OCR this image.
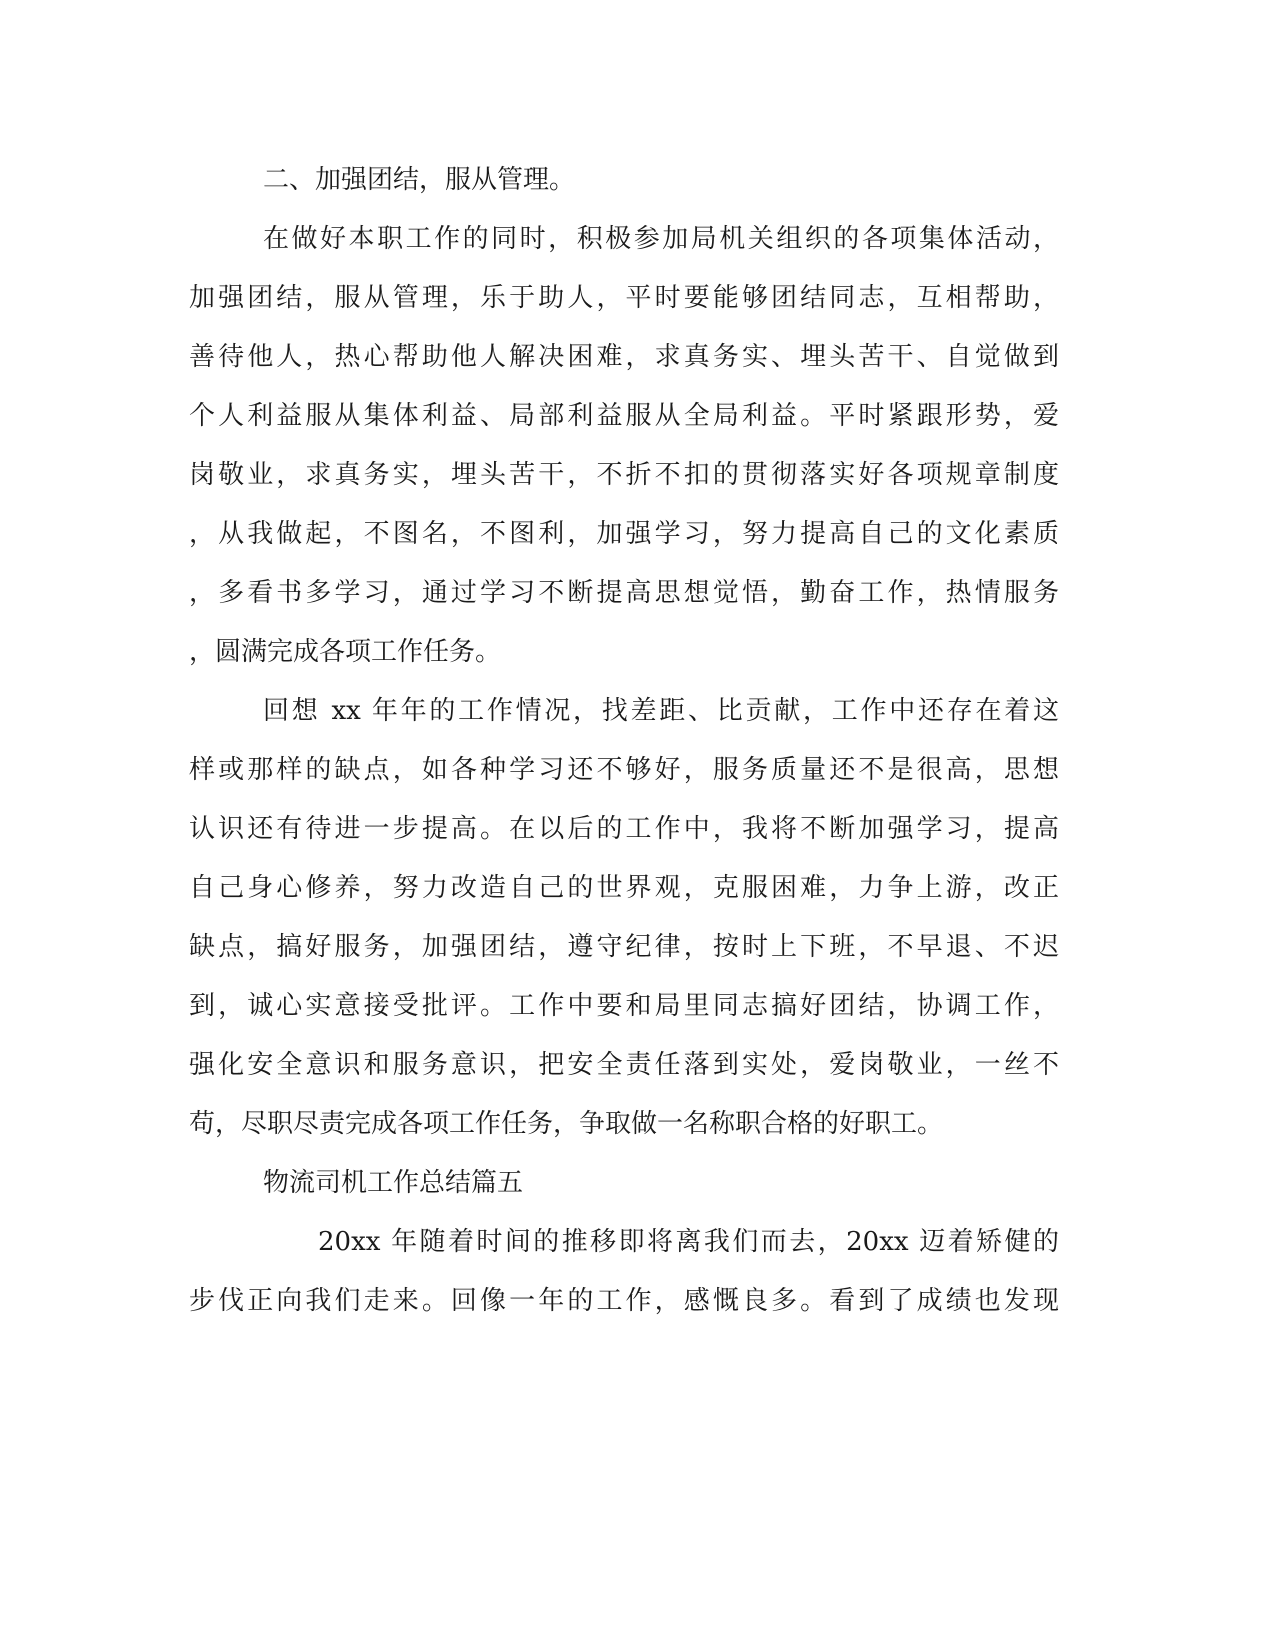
二、加强团结，服从管理。
在做好本职工作的同时，积极参加局机关组织的各项集体活动，
加强团结，服从管理，乐于助人，平时要能够团结同志，互相帮助，
善待他人，热心帮助他人解决困难，求真务实、埋头苦干、自觉做到
个人利益服从集体利益、局部利益服从全局利益。平时紧跟形势，爱
岗敬业，求真务实，埋头苦干，不折不扣的贯彻落实好各项规章制度
，从我做起，不图名，不图利，加强学习，努力提高自己的文化素质
，多看书多学习，通过学习不断提高思想觉悟，勤奋工作，热情服务
，圆满完成各项工作任务。
回想 xx 年年的工作情况，找差距、比贡献，工作中还存在着这
样或那样的缺点，如各种学习还不够好，服务质量还不是很高，思想
认识还有待进一步提高。在以后的工作中，我将不断加强学习，提高
自己身心修养，努力改造自己的世界观，克服困难，力争上游，改正
缺点，搞好服务，加强团结，遵守纪律，按时上下班，不早退、不迟
到，诚心实意接受批评。工作中要和局里同志搞好团结，协调工作，
强化安全意识和服务意识，把安全责任落到实处，爱岗敬业，一丝不
苟，尽职尽责完成各项工作任务，争取做一名称职合格的好职工。
物流司机工作总结篇五
20xx 年随着时间的推移即将离我们而去，20xx 迈着矫健的
步伐正向我们走来。回像一年的工作，感慨良多。看到了成绩也发现
